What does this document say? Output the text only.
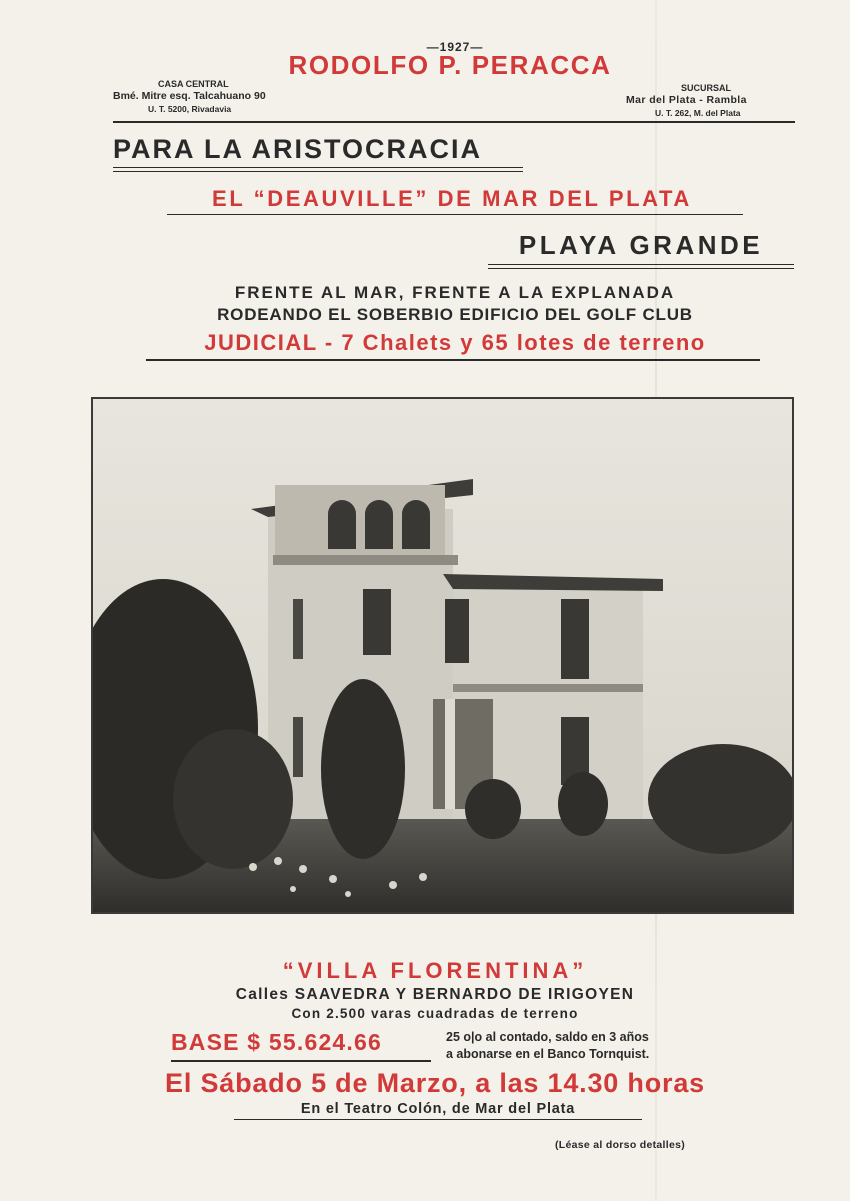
—1927—
RODOLFO P. PERACCA
CASA CENTRAL
Bmé. Mitre esq. Talcahuano 90
U. T. 5200, Rivadavia
SUCURSAL
Mar del Plata - Rambla
U. T. 262, M. del Plata
PARA LA ARISTOCRACIA
EL “DEAUVILLE” DE MAR DEL PLATA
PLAYA GRANDE
FRENTE AL MAR, FRENTE A LA EXPLANADA
RODEANDO EL SOBERBIO EDIFICIO DEL GOLF CLUB
JUDICIAL - 7 Chalets y 65 lotes de terreno
“VILLA FLORENTINA”
Calles SAAVEDRA Y BERNARDO DE IRIGOYEN
Con 2.500 varas cuadradas de terreno
BASE $ 55.624.66	25 o|o al contado, saldo en 3 años
a abonarse en el Banco Tornquist.
El Sábado 5 de Marzo, a las 14.30 horas
En el Teatro Colón, de Mar del Plata
(Léase al dorso detalles)
